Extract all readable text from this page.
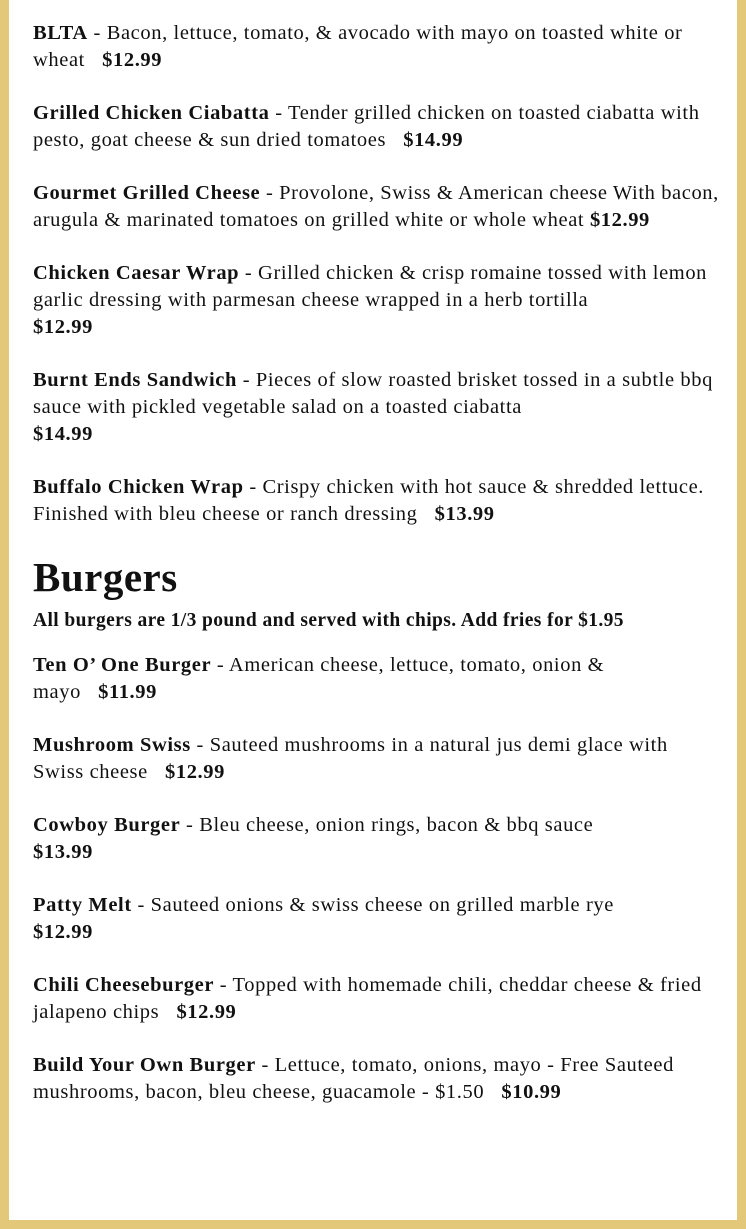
BLTA - Bacon, lettuce, tomato, & avocado with mayo on toasted white or wheat $12.99
Grilled Chicken Ciabatta - Tender grilled chicken on toasted ciabatta with pesto, goat cheese & sun dried tomatoes $14.99
Gourmet Grilled Cheese - Provolone, Swiss & American cheese With bacon, arugula & marinated tomatoes on grilled white or whole wheat $12.99
Chicken Caesar Wrap - Grilled chicken & crisp romaine tossed with lemon garlic dressing with parmesan cheese wrapped in a herb tortilla
$12.99
Burnt Ends Sandwich - Pieces of slow roasted brisket tossed in a subtle bbq sauce with pickled vegetable salad on a toasted ciabatta
$14.99
Buffalo Chicken Wrap - Crispy chicken with hot sauce & shredded lettuce. Finished with bleu cheese or ranch dressing $13.99
Burgers
All burgers are 1/3 pound and served with chips. Add fries for $1.95
Ten O’ One Burger - American cheese, lettuce, tomato, onion & mayo $11.99
Mushroom Swiss - Sauteed mushrooms in a natural jus demi glace with Swiss cheese $12.99
Cowboy Burger - Bleu cheese, onion rings, bacon & bbq sauce
$13.99
Patty Melt - Sauteed onions & swiss cheese on grilled marble rye
$12.99
Chili Cheeseburger - Topped with homemade chili, cheddar cheese & fried jalapeno chips $12.99
Build Your Own Burger - Lettuce, tomato, onions, mayo - Free Sauteed mushrooms, bacon, bleu cheese, guacamole - $1.50 $10.99
